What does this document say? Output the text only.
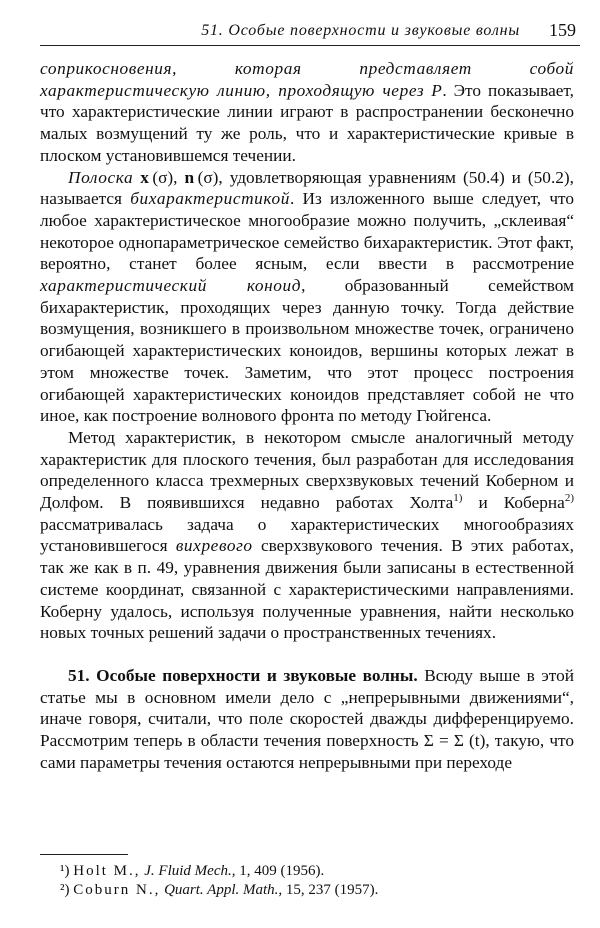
51. Особые поверхности и звуковые волны 159

соприкосновения, которая представляет собой характеристическую линию, проходящую через P. Это показывает, что характеристические линии играют в распространении бесконечно малых возмущений ту же роль, что и характеристические кривые в плоском установившемся течении.

Полоска x  (σ), n  (σ), удовлетворяющая уравнениям (50.4) и (50.2), называется бихарактеристикой. Из изложенного выше следует, что любое характеристическое многообразие можно получить, „склеивая“ некоторое однопараметрическое семейство бихарактеристик. Этот факт, вероятно, станет более ясным, если ввести в рассмотрение характеристический коноид, образованный семейством бихарактеристик, проходящих через данную точку. Тогда действие возмущения, возникшего в произвольном множестве точек, ограничено огибающей характеристических коноидов, вершины которых лежат в этом множестве точек. Заметим, что этот процесс построения огибающей характеристических коноидов представляет собой не что иное, как построение волнового фронта по методу Гюйгенса.

Метод характеристик, в некотором смысле аналогичный методу характеристик для плоского течения, был разработан для исследования определенного класса трехмерных сверхзвуковых течений Коберном и Долфом. В появившихся недавно работах Холта$^{1)}$ и Коберна$^{2)}$ рассматривалась задача о характеристических многообразиях установившегося вихревого сверхзвукового течения. В этих работах, так же как в п. 49, уравнения движения были записаны в естественной системе координат, связанной с характеристическими направлениями. Коберну удалось, используя полученные уравнения, найти несколько новых точных решений задачи о пространственных течениях.

51. Особые поверхности и звуковые волны. Всюду выше в этой статье мы в основном имели дело с „непрерывными движениями“, иначе говоря, считали, что поле скоростей дважды дифференцируемо. Рассмотрим теперь в области течения поверхность Σ = Σ (t), такую, что сами параметры течения остаются непрерывными при переходе

¹) Holt M., J. Fluid Mech., 1, 409 (1956).

²) Coburn N., Quart. Appl. Math., 15, 237 (1957).
